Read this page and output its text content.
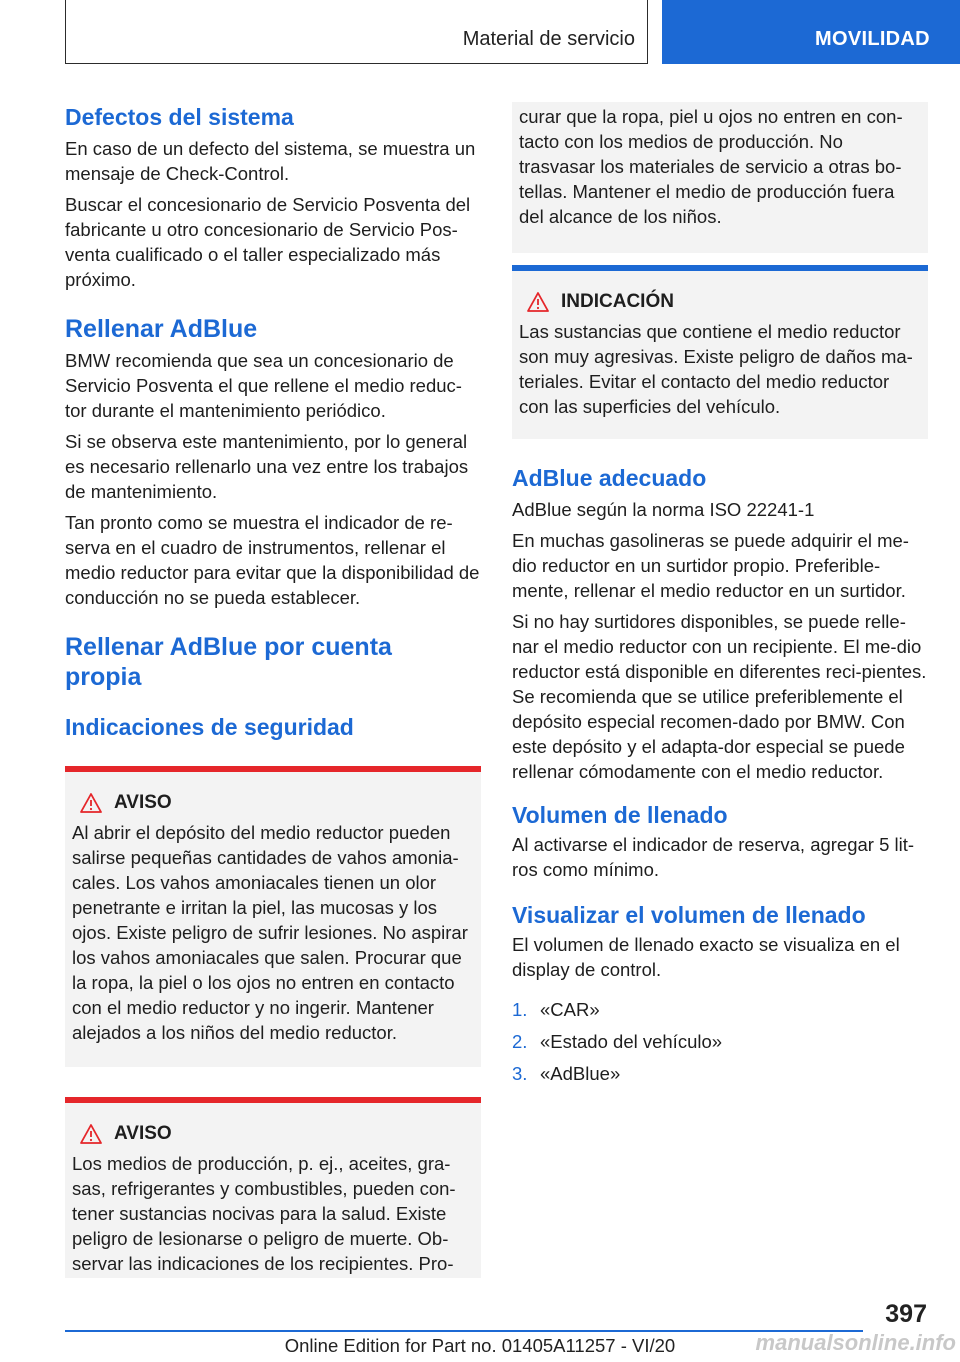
Material de servicio	MOVILIDAD
Defectos del sistema

En caso de un defecto del sistema, se muestra un mensaje de Check-Control.

Buscar el concesionario de Servicio Posventa del fabricante u otro concesionario de Servicio Pos-venta cualificado o el taller especializado más próximo.

Rellenar AdBlue

BMW recomienda que sea un concesionario de Servicio Posventa el que rellene el medio reduc-tor durante el mantenimiento periódico.

Si se observa este mantenimiento, por lo general es necesario rellenarlo una vez entre los trabajos de mantenimiento.

Tan pronto como se muestra el indicador de re-serva en el cuadro de instrumentos, rellenar el medio reductor para evitar que la disponibilidad de conducción no se pueda establecer.

Rellenar AdBlue por cuenta propia
Indicaciones de seguridad
AVISO

Al abrir el depósito del medio reductor pueden salirse pequeñas cantidades de vahos amonia-cales. Los vahos amoniacales tienen un olor penetrante e irritan la piel, las mucosas y los ojos. Existe peligro de sufrir lesiones. No aspirar los vahos amoniacales que salen. Procurar que la ropa, la piel o los ojos no entren en contacto con el medio reductor y no ingerir. Mantener alejados a los niños del medio reductor.

AVISO

Los medios de producción, p. ej., aceites, gra-sas, refrigerantes y combustibles, pueden con-tener sustancias nocivas para la salud. Existe peligro de lesionarse o peligro de muerte. Ob-servar las indicaciones de los recipientes. Pro-

curar que la ropa, piel u ojos no entren en con-tacto con los medios de producción. No trasvasar los materiales de servicio a otras bo-tellas. Mantener el medio de producción fuera del alcance de los niños.

INDICACIÓN

Las sustancias que contiene el medio reductor son muy agresivas. Existe peligro de daños ma-teriales. Evitar el contacto del medio reductor con las superficies del vehículo.

AdBlue adecuado

AdBlue según la norma ISO 22241-1

En muchas gasolineras se puede adquirir el me-dio reductor en un surtidor propio. Preferible-mente, rellenar el medio reductor en un surtidor.

Si no hay surtidores disponibles, se puede relle-nar el medio reductor con un recipiente. El me-dio reductor está disponible en diferentes reci-pientes. Se recomienda que se utilice preferiblemente el depósito especial recomen-dado por BMW. Con este depósito y el adapta-dor especial se puede rellenar cómodamente con el medio reductor.

Volumen de llenado

Al activarse el indicador de reserva, agregar 5 lit-ros como mínimo.

Visualizar el volumen de llenado

El volumen de llenado exacto se visualiza en el display de control.

1. «CAR»
2. «Estado del vehículo»
3. «AdBlue»
397
Online Edition for Part no. 01405A11257 - VI/20	manualsonline.info
